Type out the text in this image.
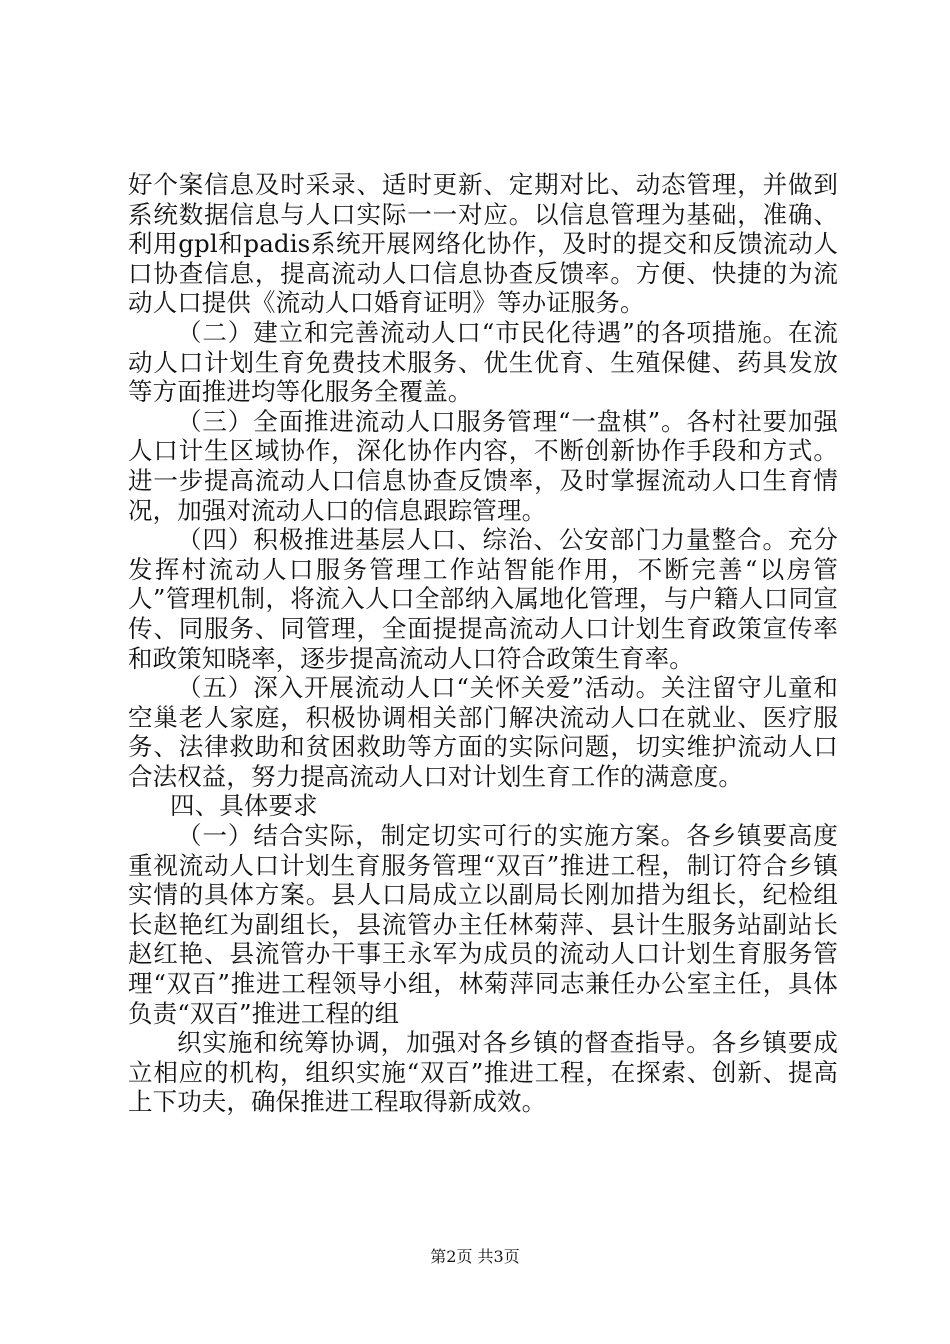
好个案信息及时采录、适时更新、定期对比、动态管理，并做到系统数据信息与人口实际一一对应。以信息管理为基础，准确、利用gpl和padis系统开展网络化协作，及时的提交和反馈流动人口协查信息，提高流动人口信息协查反馈率。方便、快捷的为流动人口提供《流动人口婚育证明》等办证服务。

（二）建立和完善流动人口“市民化待遇”的各项措施。在流动人口计划生育免费技术服务、优生优育、生殖保健、药具发放等方面推进均等化服务全覆盖。

（三）全面推进流动人口服务管理“一盘棋”。各村社要加强人口计生区域协作，深化协作内容，不断创新协作手段和方式。进一步提高流动人口信息协查反馈率，及时掌握流动人口生育情况，加强对流动人口的信息跟踪管理。

（四）积极推进基层人口、综治、公安部门力量整合。充分发挥村流动人口服务管理工作站智能作用，不断完善“以房管人”管理机制，将流入人口全部纳入属地化管理，与户籍人口同宣传、同服务、同管理，全面提提高流动人口计划生育政策宣传率和政策知晓率，逐步提高流动人口符合政策生育率。

（五）深入开展流动人口“关怀关爱”活动。关注留守儿童和空巢老人家庭，积极协调相关部门解决流动人口在就业、医疗服务、法律救助和贫困救助等方面的实际问题，切实维护流动人口合法权益，努力提高流动人口对计划生育工作的满意度。

四、具体要求

（一）结合实际，制定切实可行的实施方案。各乡镇要高度重视流动人口计划生育服务管理“双百”推进工程，制订符合乡镇实情的具体方案。县人口局成立以副局长刚加措为组长，纪检组长赵艳红为副组长，县流管办主任林菊萍、县计生服务站副站长赵红艳、县流管办干事王永军为成员的流动人口计划生育服务管理“双百”推进工程领导小组，林菊萍同志兼任办公室主任，具体负责“双百”推进工程的组

织实施和统筹协调，加强对各乡镇的督查指导。各乡镇要成立相应的机构，组织实施“双百”推进工程，在探索、创新、提高上下功夫，确保推进工程取得新成效。

第2页 共3页
